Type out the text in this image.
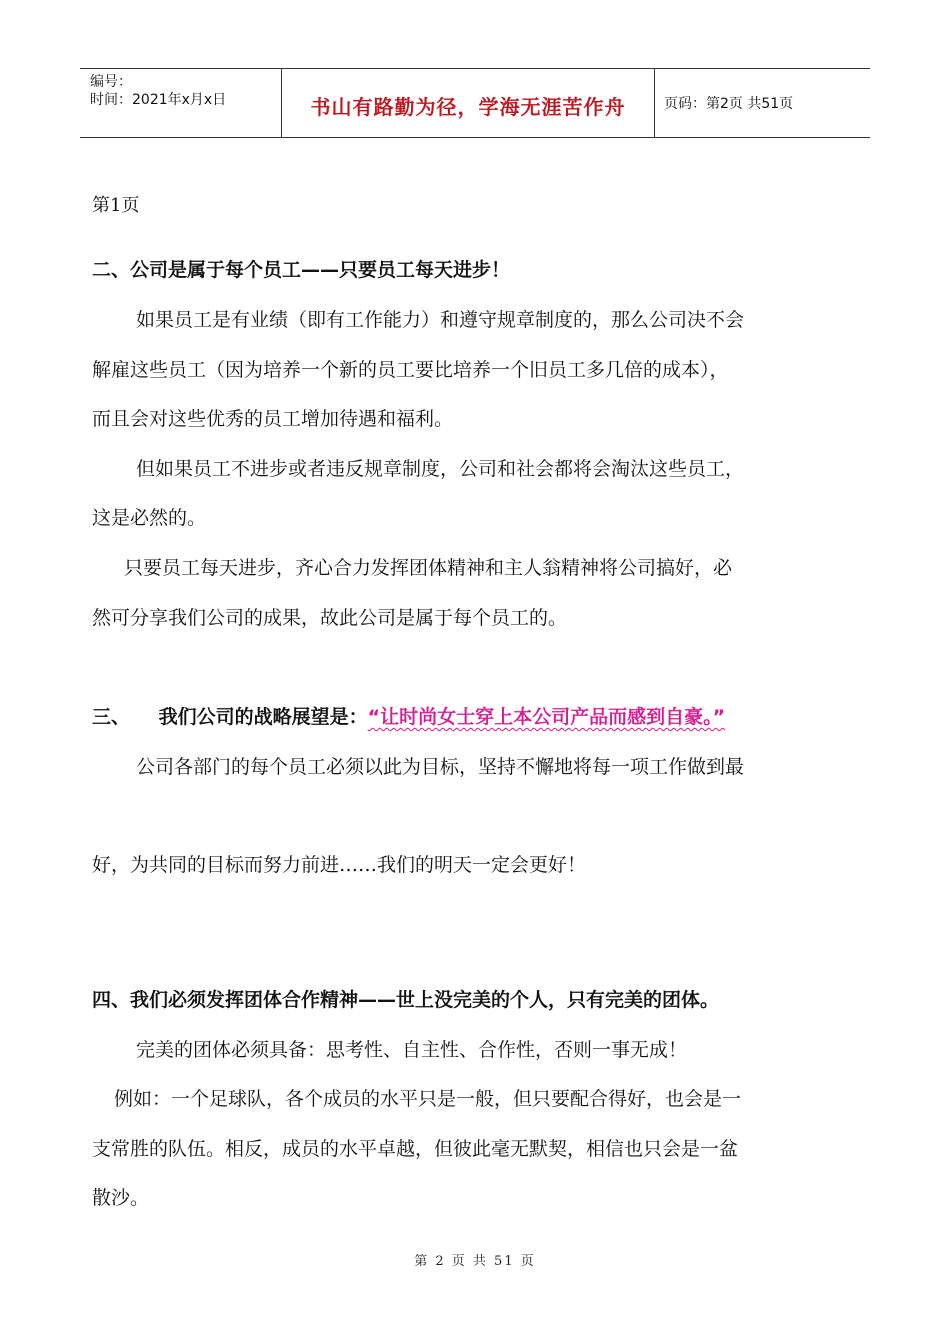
编号：
时间：2021年x月x日	书山有路勤为径，学海无涯苦作舟	页码：第2页 共51页
第1页
二、公司是属于每个员工——只要员工每天进步！
如果员工是有业绩（即有工作能力）和遵守规章制度的，那么公司决不会
解雇这些员工（因为培养一个新的员工要比培养一个旧员工多几倍的成本），
而且会对这些优秀的员工增加待遇和福利。
但如果员工不进步或者违反规章制度，公司和社会都将会淘汰这些员工，
这是必然的。
只要员工每天进步，齐心合力发挥团体精神和主人翁精神将公司搞好，必
然可分享我们公司的成果，故此公司是属于每个员工的。
三、 我们公司的战略展望是：“让时尚女士穿上本公司产品而感到自豪。”
公司各部门的每个员工必须以此为目标，坚持不懈地将每一项工作做到最
好，为共同的目标而努力前进……我们的明天一定会更好！
四、我们必须发挥团体合作精神——世上没完美的个人，只有完美的团体。
完美的团体必须具备：思考性、自主性、合作性，否则一事无成！
例如：一个足球队，各个成员的水平只是一般，但只要配合得好，也会是一
支常胜的队伍。相反，成员的水平卓越，但彼此毫无默契，相信也只会是一盆
散沙。
第 2 页 共 51 页
